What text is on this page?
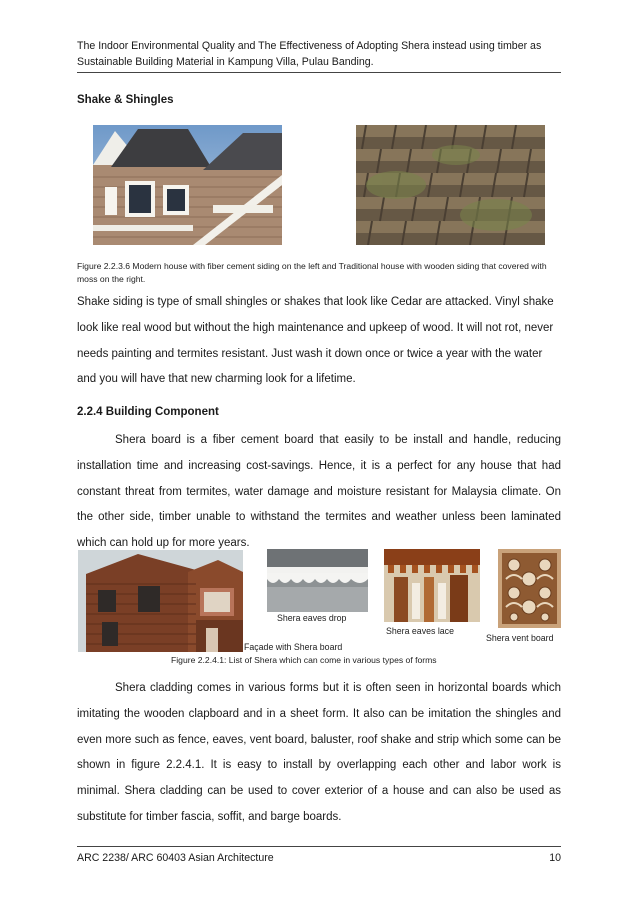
The Indoor Environmental Quality and The Effectiveness of Adopting Shera instead using timber as
Sustainable Building Material in Kampung Villa, Pulau Banding.
Shake & Shingles
Figure 2.2.3.6 Modern house with fiber cement siding on the left and Traditional house with wooden siding that covered with moss on the right.
Shake siding is type of small shingles or shakes that look like Cedar are attacked. Vinyl shake look like real wood but without the high maintenance and upkeep of wood. It will not rot, never needs painting and termites resistant. Just wash it down once or twice a year with the water and you will have that new charming look for a lifetime.
2.2.4 Building Component
Shera board is a fiber cement board that easily to be install and handle, reducing installation time and increasing cost-savings. Hence, it is a perfect for any house that had constant threat from termites, water damage and moisture resistant for Malaysia climate. On the other side, timber unable to withstand the termites and weather unless been laminated which can hold up for more years.
Façade with Shera board
Shera eaves drop
Shera eaves lace
Shera vent board
Figure 2.2.4.1: List of Shera which can come in various types of forms
Shera cladding comes in various forms but it is often seen in horizontal boards which imitating the wooden clapboard and in a sheet form. It also can be imitation the shingles and even more such as fence, eaves, vent board, baluster, roof shake and strip which some can be shown in figure 2.2.4.1. It is easy to install by overlapping each other and labor work is minimal. Shera cladding can be used to cover exterior of a house and can also be used as substitute for timber fascia, soffit, and barge boards.
ARC 2238/ ARC 60403 Asian Architecture	10
